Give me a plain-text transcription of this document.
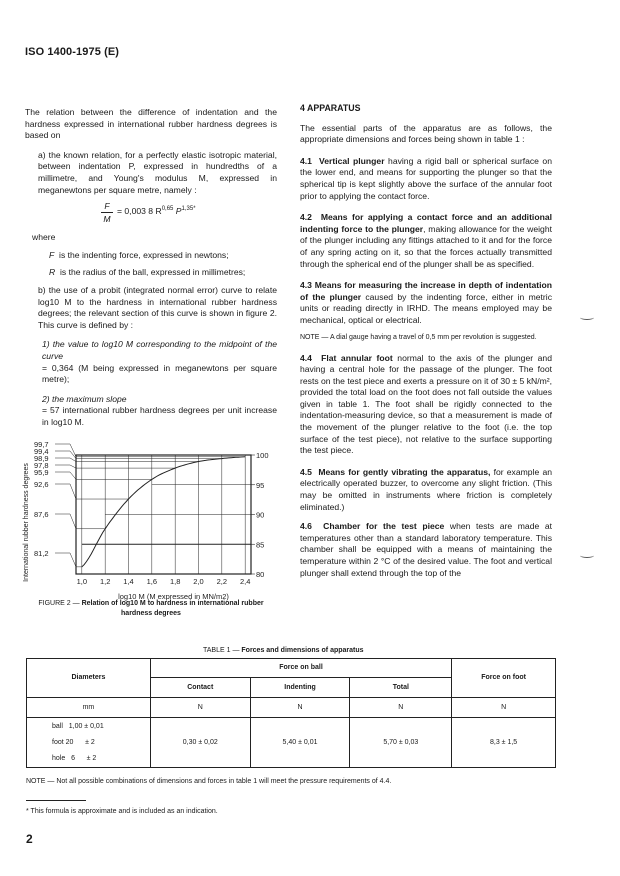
ISO 1400-1975 (E)

The relation between the difference of indentation and the hardness expressed in international rubber hardness degrees is based on

a) the known relation, for a perfectly elastic isotropic material, between indentation P, expressed in hundredths of a millimetre, and Young's modulus M, expressed in meganewtons per square metre, namely :

$\frac{F}{M} = 0,003$ 8 R$^{0,65}$ $P^{1,35*}$

where

F is the indenting force, expressed in newtons;

R is the radius of the ball, expressed in millimetres;

b) the use of a probit (integrated normal error) curve to relate log10 M to the hardness in international rubber hardness degrees; the relevant section of this curve is shown in figure 2. This curve is defined by :

1) the value to log10 M corresponding to the midpoint of the curve

= 0,364 (M being expressed in meganewtons per square metre);

2) the maximum slope

= 57 international rubber hardness degrees per unit increase in log10 M.

1,0 1,2 1,4 1,6 1,8 2,0 2,2 2,4
80
85
90
95
100
99,7
99,4
98,9
97,8
95,9
92,6
87,6
81,2
International rubber hardness degrees
log10 M (M expressed in MN/m2)
FIGURE 2 — Relation of log10 M to hardness in international rubber hardness degrees
4 APPARATUS

The essential parts of the apparatus are as follows, the appropriate dimensions and forces being shown in table 1 :

4.1 Vertical plunger having a rigid ball or spherical surface on the lower end, and means for supporting the plunger so that the spherical tip is kept slightly above the surface of the annular foot prior to applying the contact force.

4.2 Means for applying a contact force and an additional indenting force to the plunger, making allowance for the weight of the plunger including any fittings attached to it and for the force of any spring acting on it, so that the forces actually transmitted through the spherical end of the plunger shall be as specified.

4.3 Means for measuring the increase in depth of indentation of the plunger caused by the indenting force, either in metric units or reading directly in IRHD. The means employed may be mechanical, optical or electrical.

NOTE — A dial gauge having a travel of 0,5 mm per revolution is suggested.

4.4 Flat annular foot normal to the axis of the plunger and having a central hole for the passage of the plunger. The foot rests on the test piece and exerts a pressure on it of 30 ± 5 kN/m², provided the total load on the foot does not fall outside the values given in table 1. The foot shall be rigidly connected to the indentation-measuring device, so that a measurement is made of the movement of the plunger relative to the foot (i.e. the top surface of the test piece), not relative to the surface supporting the test piece.

4.5 Means for gently vibrating the apparatus, for example an electrically operated buzzer, to overcome any slight friction. (This may be omitted in instruments where friction is completely eliminated.)

4.6 Chamber for the test piece when tests are made at temperatures other than a standard laboratory temperature. This chamber shall be equipped with a means of maintaining the temperature within 2 °C of the desired value. The foot and vertical plunger shall extend through the top of the

TABLE 1 — Forces and dimensions of apparatus
Diameters	Force on ball			Force on foot
	Contact	Indenting	Total	
mm	N	N	N	N

ball   1,00 ± 0,01
foot 20      ± 2
hole   6      ± 2	0,30 ± 0,02	5,40 ± 0,01	5,70 ± 0,03	8,3 ± 1,5
NOTE — Not all possible combinations of dimensions and forces in table 1 will meet the pressure requirements of 4.4.
* This formula is approximate and is included as an indication.
2
